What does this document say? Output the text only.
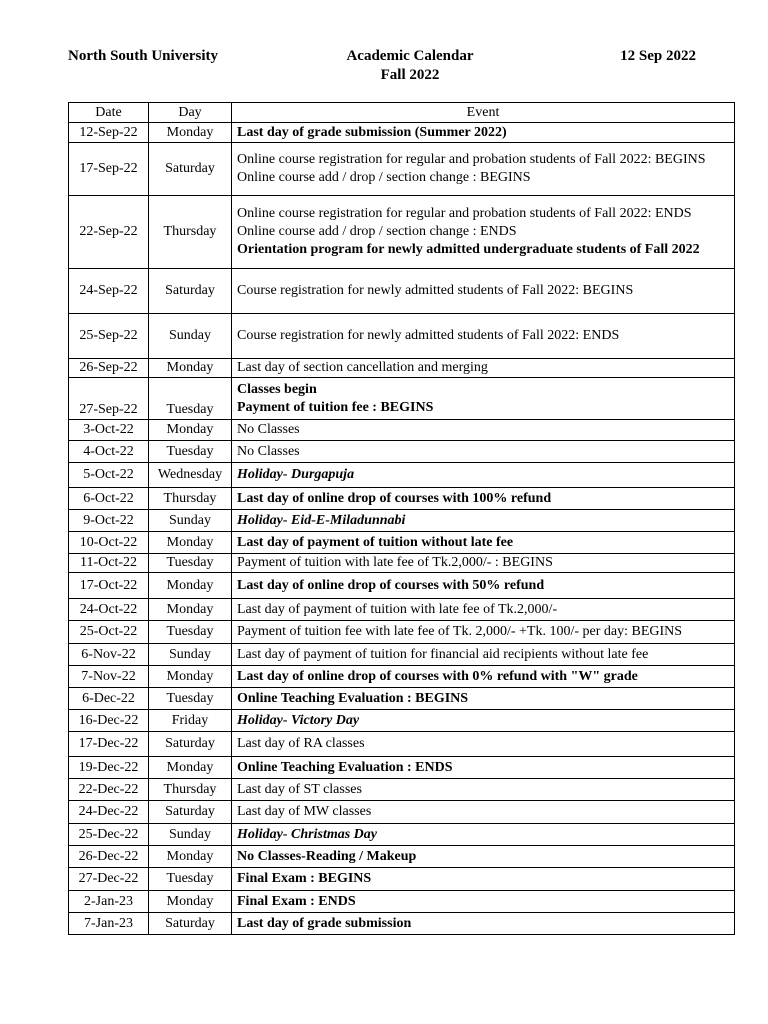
North South University	Academic Calendar
Fall 2022
12 Sep 2022
Date	Day	Event
12-Sep-22	Monday	Last day of grade submission (Summer 2022)

17-Sep-22	Saturday	Online course registration for regular and probation students of Fall 2022: BEGINS
Online course add / drop / section change : BEGINS

22-Sep-22	Thursday	Online course registration for regular and probation students of Fall 2022: ENDS
Online course add / drop / section change : ENDS
Orientation program for newly admitted undergraduate students of Fall 2022

24-Sep-22	Saturday	Course registration for newly admitted students of Fall 2022: BEGINS

25-Sep-22	Sunday	Course registration for newly admitted students of Fall 2022: ENDS

26-Sep-22	Monday	Last day of section cancellation and merging

27-Sep-22	Tuesday	Classes begin
Payment of tuition fee : BEGINS

3-Oct-22	Monday	No Classes

4-Oct-22	Tuesday	No Classes

5-Oct-22	Wednesday	Holiday- Durgapuja

6-Oct-22	Thursday	Last day of online drop of courses with 100% refund

9-Oct-22	Sunday	Holiday- Eid-E-Miladunnabi

10-Oct-22	Monday	Last day of payment of tuition without late fee

11-Oct-22	Tuesday	Payment of tuition with late fee of Tk.2,000/- : BEGINS

17-Oct-22	Monday	Last day of online drop of courses with 50% refund

24-Oct-22	Monday	Last day of payment of tuition with late fee of Tk.2,000/-

25-Oct-22	Tuesday	Payment of tuition fee with late fee of Tk. 2,000/- +Tk. 100/- per day: BEGINS

6-Nov-22	Sunday	Last day of payment of tuition for financial aid recipients without late fee

7-Nov-22	Monday	Last day of online drop of courses with 0% refund with "W" grade

6-Dec-22	Tuesday	Online Teaching Evaluation : BEGINS

16-Dec-22	Friday	Holiday- Victory Day

17-Dec-22	Saturday	Last day of RA classes

19-Dec-22	Monday	Online Teaching Evaluation : ENDS

22-Dec-22	Thursday	Last day of ST classes

24-Dec-22	Saturday	Last day of MW classes

25-Dec-22	Sunday	Holiday- Christmas Day

26-Dec-22	Monday	No Classes-Reading / Makeup

27-Dec-22	Tuesday	Final Exam : BEGINS

2-Jan-23	Monday	Final Exam : ENDS

7-Jan-23	Saturday	Last day of grade submission
